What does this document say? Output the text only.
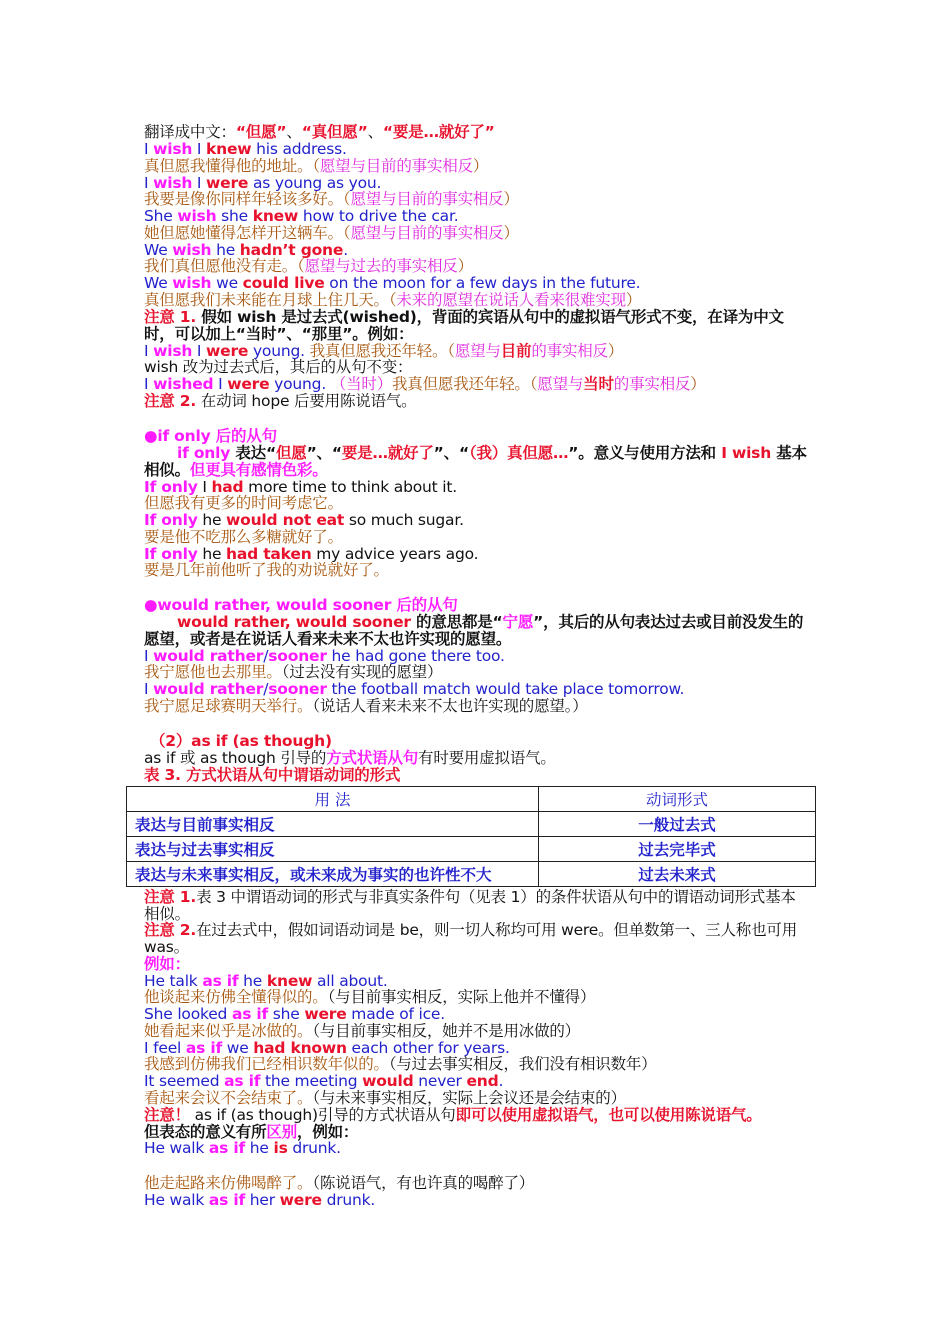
翻译成中文：“但愿”、“真但愿”、“要是…就好了”
I wish I knew his address.
真但愿我懂得他的地址。（愿望与目前的事实相反）
I wish I were as young as you.
我要是像你同样年轻该多好。（愿望与目前的事实相反）
She wish she knew how to drive the car.
她但愿她懂得怎样开这辆车。（愿望与目前的事实相反）
We wish he hadn’t gone.
我们真但愿他没有走。（愿望与过去的事实相反）
We wish we could live on the moon for a few days in the future.
真但愿我们未来能在月球上住几天。（未来的愿望在说话人看来很难实现）
注意 1. 假如 wish 是过去式(wished)，背面的宾语从句中的虚拟语气形式不变，在译为中文时，可以加上“当时”、“那里”。例如：
I wish I were young. 我真但愿我还年轻。（愿望与目前的事实相反）
wish 改为过去式后，其后的从句不变：
I wished I were young. （当时）我真但愿我还年轻。（愿望与当时的事实相反）
注意 2. 在动词 hope 后要用陈说语气。
●if only 后的从句
if only 表达“但愿”、“要是…就好了”、“（我）真但愿…”。意义与使用方法和 I wish 基本相似。但更具有感情色彩。
If only I had more time to think about it.
但愿我有更多的时间考虑它。
If only he would not eat so much sugar.
要是他不吃那么多糖就好了。
If only he had taken my advice years ago.
要是几年前他听了我的劝说就好了。
●would rather, would sooner 后的从句
would rather, would sooner 的意思都是“宁愿”，其后的从句表达过去或目前没发生的愿望，或者是在说话人看来未来不太也许实现的愿望。
I would rather/sooner he had gone there too.
我宁愿他也去那里。（过去没有实现的愿望）
I would rather/sooner the football match would take place tomorrow.
我宁愿足球赛明天举行。（说话人看来未来不太也许实现的愿望。）
（2）as if (as though)
as if 或 as though 引导的方式状语从句有时要用虚拟语气。
表 3. 方式状语从句中谓语动词的形式
用 法	动词形式
表达与目前事实相反	一般过去式
表达与过去事实相反	过去完毕式
表达与未来事实相反，或未来成为事实的也许性不大	过去未来式
注意 1.表 3 中谓语动词的形式与非真实条件句（见表 1）的条件状语从句中的谓语动词形式基本相似。
注意 2.在过去式中，假如词语动词是 be，则一切人称均可用 were。但单数第一、三人称也可用 was。
例如：
He talk as if he knew all about.
他谈起来仿佛全懂得似的。（与目前事实相反，实际上他并不懂得）
She looked as if she were made of ice.
她看起来似乎是冰做的。（与目前事实相反，她并不是用冰做的）
I feel as if we had known each other for years.
我感到仿佛我们已经相识数年似的。（与过去事实相反，我们没有相识数年）
It seemed as if the meeting would never end.
看起来会议不会结束了。（与未来事实相反，实际上会议还是会结束的）
注意！ as if (as though)引导的方式状语从句即可以使用虚拟语气，也可以使用陈说语气。
但表态的意义有所区别，例如：
He walk as if he is drunk.
他走起路来仿佛喝醉了。（陈说语气，有也许真的喝醉了）
He walk as if her were drunk.
